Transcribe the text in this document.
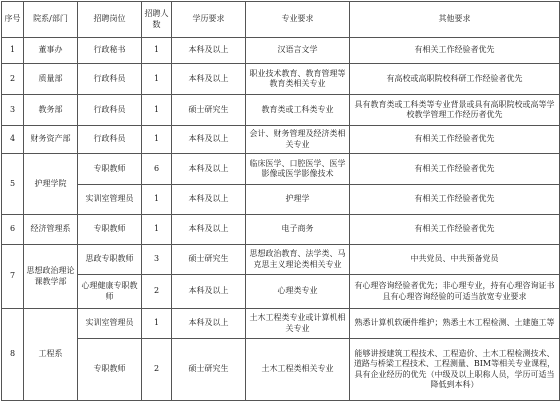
序号	院系/部门	招聘岗位	招聘人数	学历要求	专业要求	其他要求
1	董事办	行政秘书	1	本科及以上	汉语言文学	有相关工作经验者优先
2	质量部	行政科员	1	本科及以上	职业技术教育、教育管理等教育类相关专业	有高校或高职院校科研工作经验者优先
3	教务部	行政科员	1	硕士研究生	教育类或工科类专业	具有教育类或工科类等专业背景或具有高职院校或高等学校教学管理工作经历者优先
4	财务资产部	行政科员	1	本科及以上	会计、财务管理及经济类相关专业	有相关工作经验者优先
5	护理学院	专职教师	6	本科及以上	临床医学、口腔医学、医学影像或医学影像技术	有相关工作经验者优先
		实训室管理员	1	本科及以上	护理学	有相关工作经验者优先
6	经济管理系	专职教师	1	本科及以上	电子商务	有相关工作经验者优先
7	思想政治理论课教学部	思政专职教师	3	硕士研究生	思想政治教育、法学类、马克思主义理论类相关专业	中共党员、中共预备党员
		心理健康专职教师	2	本科及以上	心理类专业	有心理咨询经验者优先；非心理专业，持有心理咨询证书且有心理咨询经验的可适当放宽专业要求
8	工程系	实训室管理员	1	本科及以上	土木工程类专业或计算机相关专业	熟悉计算机软硬件维护；熟悉土木工程检测、土建施工等
		专职教师	2	硕士研究生	土木工程类相关专业	能够讲授建筑工程技术、工程造价、土木工程检测技术、道路与桥梁工程技术、工程测量、BIM等相关专业课程，具有企业经历的优先（中级及以上职称人员，学历可适当降低到本科）
